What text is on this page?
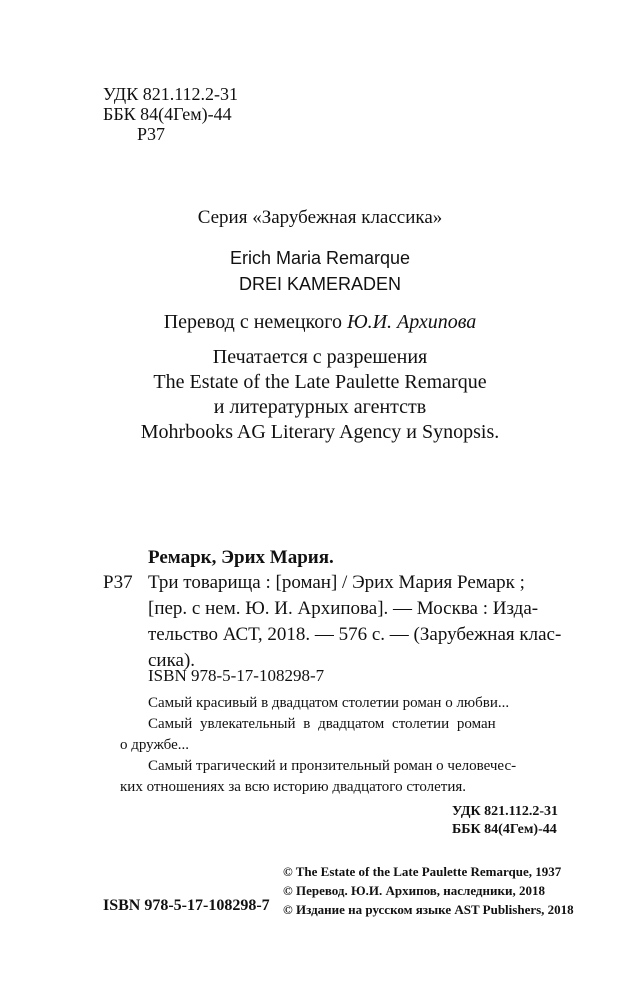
УДК 821.112.2-31
ББК 84(4Гем)-44
Р37
Серия «Зарубежная классика»
Erich Maria Remarque
DREI KAMERADEN
Перевод с немецкого Ю.И. Архипова
Печатается с разрешения
The Estate of the Late Paulette Remarque
и литературных агентств
Mohrbooks AG Literary Agency и Synopsis.
Ремарк, Эрих Мария.
Р37 Три товарища : [роман] / Эрих Мария Ремарк ;
[пер. с нем. Ю. И. Архипова]. — Москва : Изда-
тельство АСТ, 2018. — 576 с. — (Зарубежная клас-
сика).
ISBN 978-5-17-108298-7
Самый красивый в двадцатом столетии роман о любви...
Самый увлекательный в двадцатом столетии роман
о дружбе...
Самый трагический и пронзительный роман о человечес-
ких отношениях за всю историю двадцатого столетия.
УДК 821.112.2-31
ББК 84(4Гем)-44
© The Estate of the Late Paulette Remarque, 1937
© Перевод. Ю.И. Архипов, наследники, 2018
© Издание на русском языке AST Publishers, 2018
ISBN 978-5-17-108298-7
